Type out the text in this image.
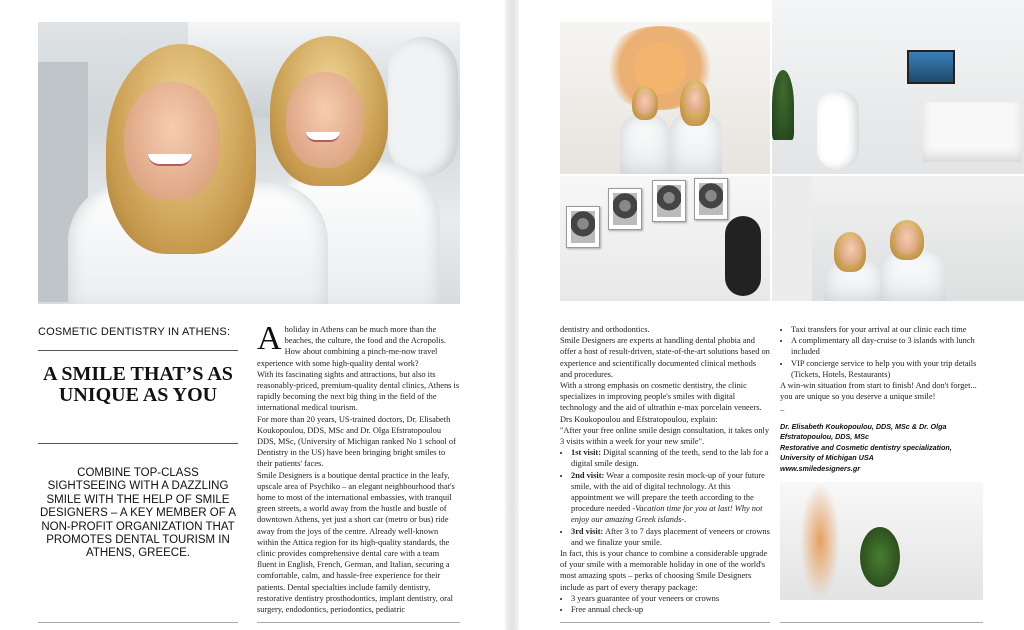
COSMETIC DENTISTRY IN ATHENS:
A SMILE THAT’S AS UNIQUE AS YOU
COMBINE TOP-CLASS SIGHTSEEING WITH A DAZZLING SMILE WITH THE HELP OF SMILE DESIGNERS – A KEY MEMBER OF A NON-PROFIT ORGANIZATION THAT PROMOTES DENTAL TOURISM IN ATHENS, GREECE.

A holiday in Athens can be much more than the beaches, the culture, the food and the Acropolis. How about combining a pinch-me-now travel experience with some high-quality dental work?

With its fascinating sights and attractions, but also its reasonably-priced, premium-quality dental clinics, Athens is rapidly becoming the next big thing in the field of the international medical tourism.

For more than 20 years, US-trained doctors, Dr. Elisabeth Koukopoulou, DDS, MSc and Dr. Olga Efstratopoulou DDS, MSc, (University of Michigan ranked No 1 school of Dentistry in the US) have been bringing bright smiles to their patients' faces.

Smile Designers is a boutique dental practice in the leafy, upscale area of Psychiko – an elegant neighbourhood that's home to most of the international embassies, with tranquil green streets, a world away from the hustle and bustle of downtown Athens, yet just a short car (metro or bus) ride away from the joys of the centre. Already well-known within the Attica region for its high-quality standards, the clinic provides comprehensive dental care with a team fluent in English, French, German, and Italian, securing a comfortable, calm, and hassle-free experience for their patients. Dental specialties include family dentistry, restorative dentistry prosthodontics, implant dentistry, oral surgery, endodontics, periodontics, pediatric

dentistry and orthodontics.

Smile Designers are experts at handling dental phobia and offer a host of result-driven, state-of-the-art solutions based on experience and scientifically documented clinical methods and procedures.

With a strong emphasis on cosmetic dentistry, the clinic specializes in improving people's smiles with digital technology and the aid of ultrathin e-max porcelain veneers. Drs Koukopoulou and Efstratopoulou, explain:

"After your free online smile design consultation, it takes only 3 visits within a week for your new smile".

• 1st visit: Digital scanning of the teeth, send to the lab for a digital smile design.
• 2nd visit: Wear a composite resin mock-up of your future smile, with the aid of digital technology. At this appointment we will prepare the teeth according to the procedure needed -Vacation time for you at last! Why not enjoy our amazing Greek islands-.
• 3rd visit: After 3 to 7 days placement of veneers or crowns and we finalize your smile.

In fact, this is your chance to combine a considerable upgrade of your smile with a memorable holiday in one of the world's most amazing spots – perks of choosing Smile Designers include as part of every therapy package:

• 3 years guarantee of your veneers or crowns
• Free annual check-up
• Taxi transfers for your arrival at our clinic each time
• A complimentary all day-cruise to 3 islands with lunch included
• VIP concierge service to help you with your trip details (Tickets, Hotels, Restaurants)

A win-win situation from start to finish! And don't forget... you are unique so you deserve a unique smile!

–

Dr. Elisabeth Koukopoulou, DDS, MSc & Dr. Olga Efstratopoulou, DDS, MSc

Restorative and Cosmetic dentistry specialization, University of Michigan USA

www.smiledesigners.gr
